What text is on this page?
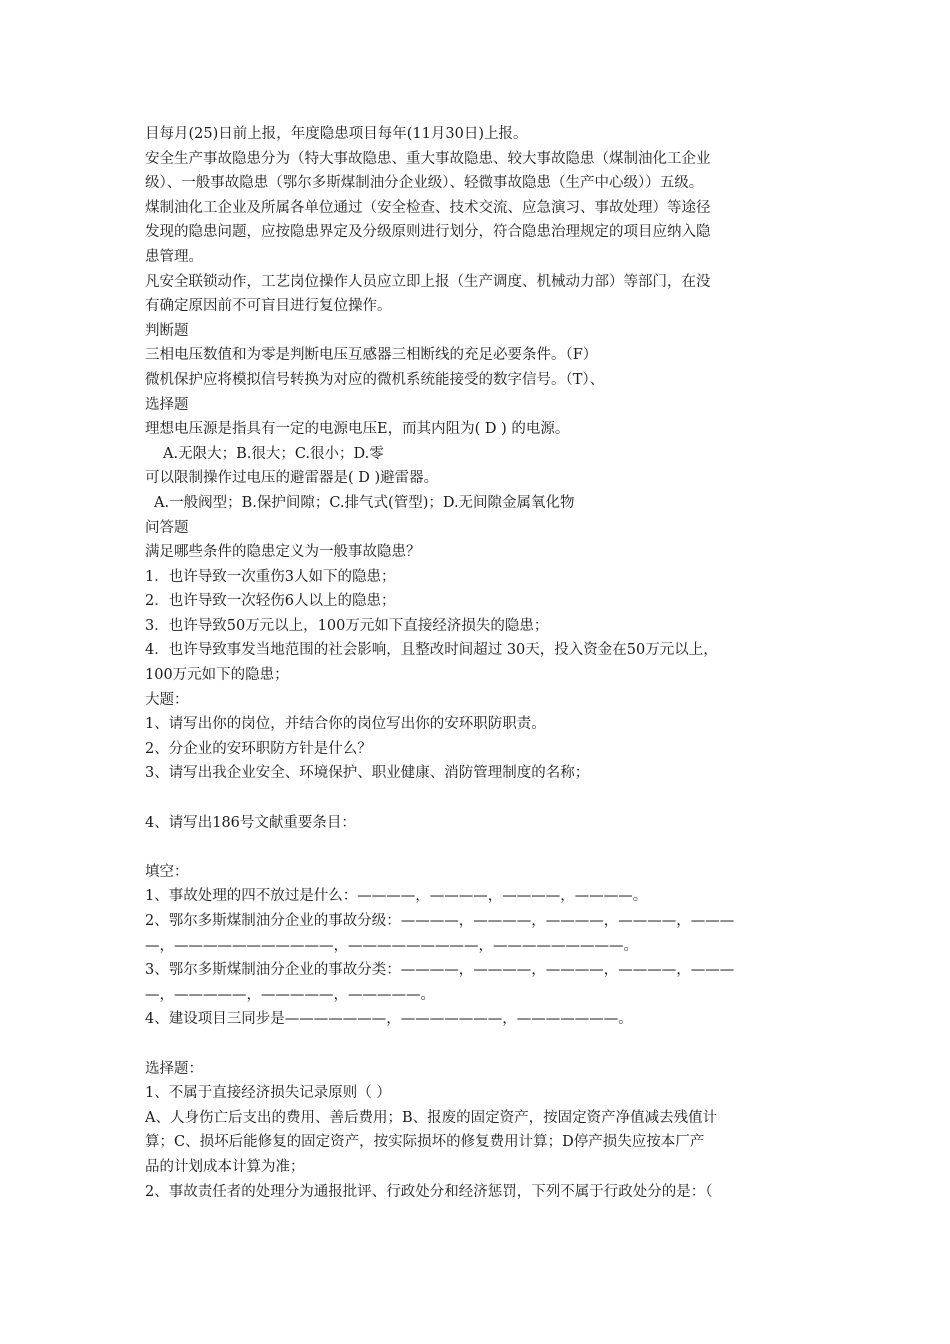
目每月(25)日前上报，年度隐患项目每年(11月30日)上报。
安全生产事故隐患分为（特大事故隐患、重大事故隐患、较大事故隐患（煤制油化工企业
级）、一般事故隐患（鄂尔多斯煤制油分企业级）、轻微事故隐患（生产中心级））五级。
煤制油化工企业及所属各单位通过（安全检查、技术交流、应急演习、事故处理）等途径
发现的隐患问题，应按隐患界定及分级原则进行划分，符合隐患治理规定的项目应纳入隐
患管理。
凡安全联锁动作，工艺岗位操作人员应立即上报（生产调度、机械动力部）等部门，在没
有确定原因前不可盲目进行复位操作。
判断题
三相电压数值和为零是判断电压互感器三相断线的充足必要条件。（F）
微机保护应将模拟信号转换为对应的微机系统能接受的数字信号。（T）、
选择题
理想电压源是指具有一定的电源电压E，而其内阻为( D ) 的电源。
A.无限大；B.很大；C.很小；D.零
可以限制操作过电压的避雷器是( D )避雷器。
A.一般阀型；B.保护间隙；C.排气式(管型)；D.无间隙金属氧化物
问答题
满足哪些条件的隐患定义为一般事故隐患？
1．也许导致一次重伤3人如下的隐患；
2．也许导致一次轻伤6人以上的隐患；
3．也许导致50万元以上，100万元如下直接经济损失的隐患；
4．也许导致事发当地范围的社会影响，且整改时间超过 30天，投入资金在50万元以上，
100万元如下的隐患；
大题：
1、请写出你的岗位，并结合你的岗位写出你的安环职防职责。
2、分企业的安环职防方针是什么？
3、请写出我企业安全、环境保护、职业健康、消防管理制度的名称；
4、请写出186号文献重要条目：
填空：
1、事故处理的四不放过是什么：————，————，————，————。
2、鄂尔多斯煤制油分企业的事故分级：————，————，————，————，———
—，———————————，—————————，—————————。
3、鄂尔多斯煤制油分企业的事故分类：————，————，————，————，———
—，—————，—————，—————。
4、建设项目三同步是———————，———————，———————。
选择题：
1、不属于直接经济损失记录原则（ ）
A、人身伤亡后支出的费用、善后费用；B、报废的固定资产，按固定资产净值减去残值计
算；C、损坏后能修复的固定资产，按实际损坏的修复费用计算；D停产损失应按本厂产
品的计划成本计算为准；
2、事故责任者的处理分为通报批评、行政处分和经济惩罚，下列不属于行政处分的是：（
